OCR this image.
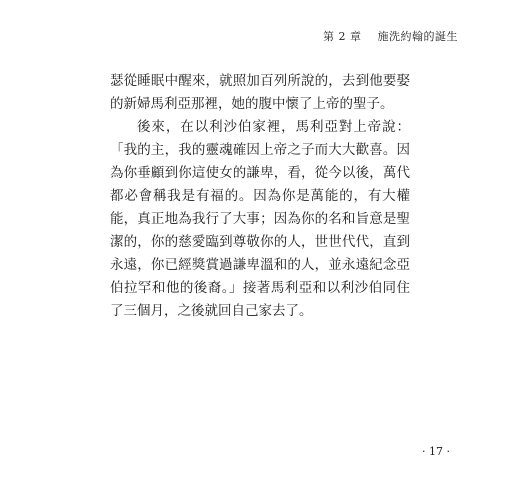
第 2 章 施洗約翰的誕生

瑟從睡眠中醒來，就照加百列所說的，去到他要娶的新婦馬利亞那裡，她的腹中懷了上帝的聖子。

後來，在以利沙伯家裡，馬利亞對上帝說：「我的主，我的靈魂確因上帝之子而大大歡喜。因為你垂顧到你這使女的謙卑，看，從今以後，萬代都必會稱我是有福的。因為你是萬能的，有大權能，真正地為我行了大事；因為你的名和旨意是聖潔的，你的慈愛臨到尊敬你的人，世世代代，直到永遠，你已經獎賞過謙卑溫和的人，並永遠紀念亞伯拉罕和他的後裔。」接著馬利亞和以利沙伯同住了三個月，之後就回自己家去了。

· 17 ·
